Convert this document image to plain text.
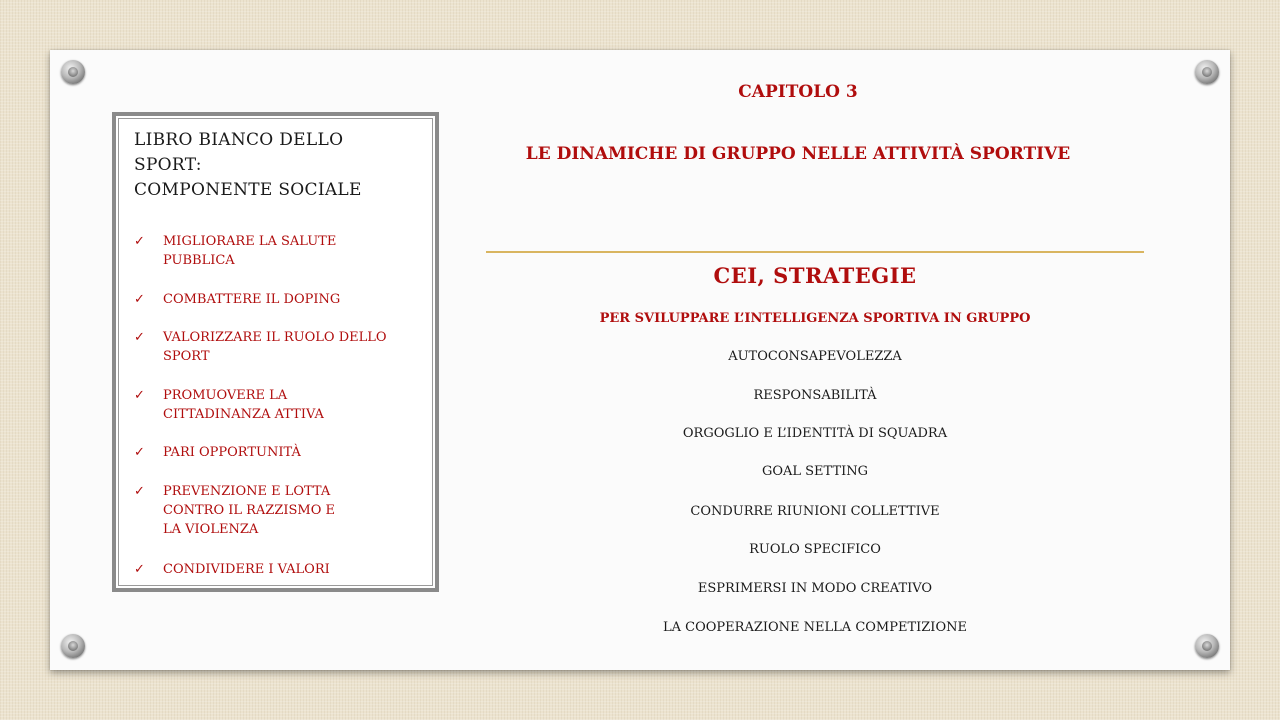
LIBRO BIANCO DELLO
SPORT:
COMPONENTE SOCIALE
✓ MIGLIORARE LA SALUTE
PUBBLICA
✓ COMBATTERE IL DOPING
✓ VALORIZZARE IL RUOLO DELLO
SPORT
✓ PROMUOVERE LA
CITTADINANZA ATTIVA
✓ PARI OPPORTUNITÀ
✓ PREVENZIONE E LOTTA
CONTRO IL RAZZISMO E
LA VIOLENZA
✓ CONDIVIDERE I VALORI
CAPITOLO 3
LE DINAMICHE DI GRUPPO NELLE ATTIVITÀ SPORTIVE
CEI, STRATEGIE
PER SVILUPPARE L’INTELLIGENZA SPORTIVA IN GRUPPO
AUTOCONSAPEVOLEZZA
RESPONSABILITÀ
ORGOGLIO E L’IDENTITÀ DI SQUADRA
GOAL SETTING
CONDURRE RIUNIONI COLLETTIVE
RUOLO SPECIFICO
ESPRIMERSI IN MODO CREATIVO
LA COOPERAZIONE NELLA COMPETIZIONE
